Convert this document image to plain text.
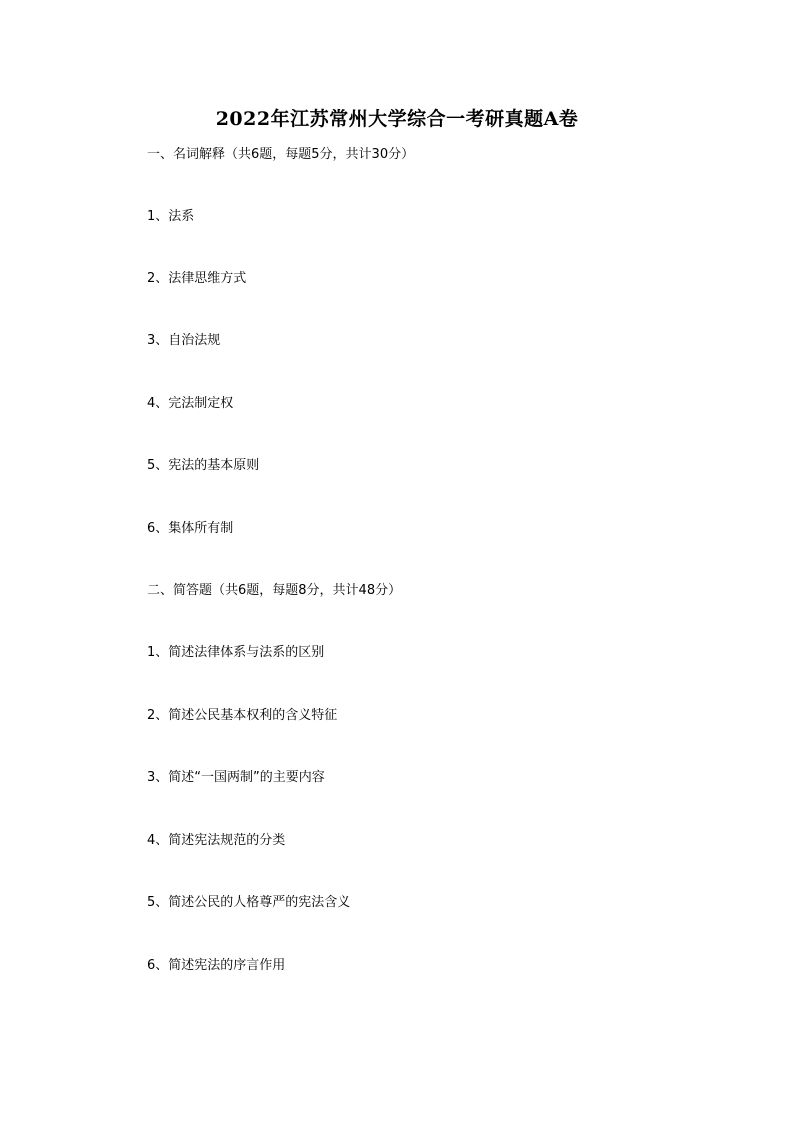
2022年江苏常州大学综合一考研真题A卷
一、名词解释（共6题，每题5分，共计30分）
1、法系
2、法律思维方式
3、自治法规
4、完法制定权
5、宪法的基本原则
6、集体所有制
二、简答题（共6题，每题8分，共计48分）
1、简述法律体系与法系的区别
2、简述公民基本权利的含义特征
3、简述“一国两制”的主要内容
4、简述宪法规范的分类
5、简述公民的人格尊严的宪法含义
6、简述宪法的序言作用
